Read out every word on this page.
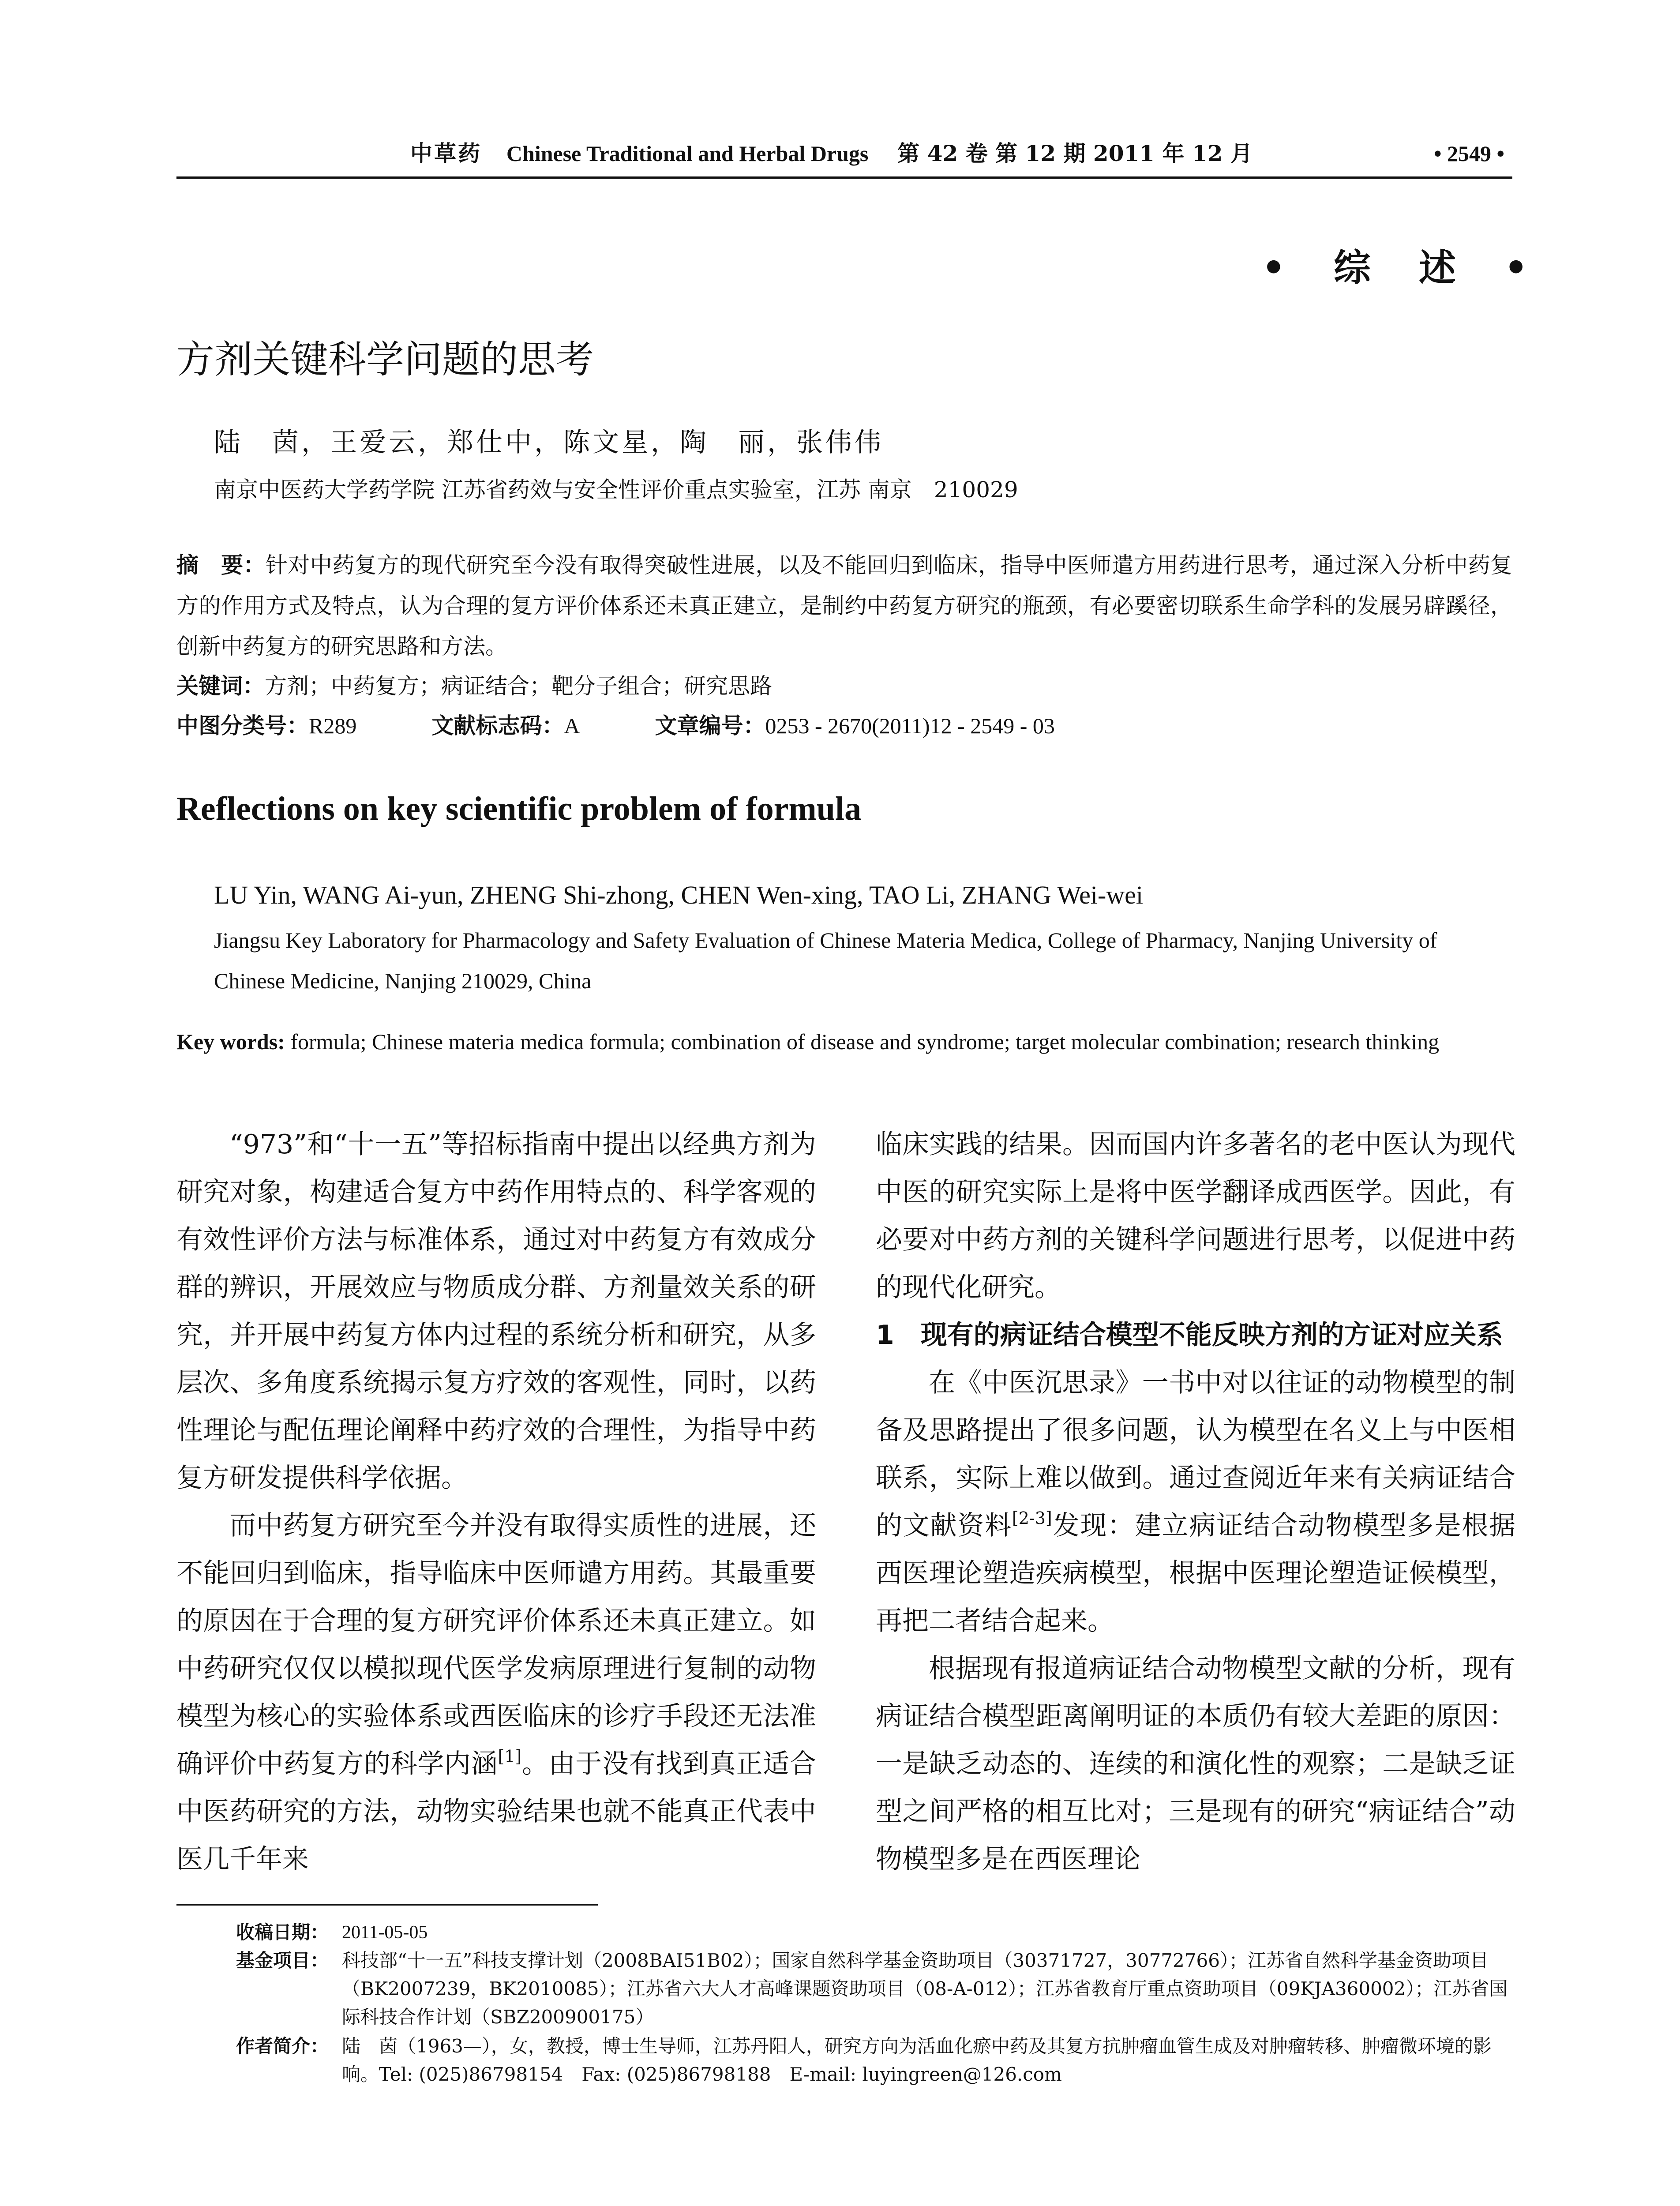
中草药 Chinese Traditional and Herbal Drugs 第 42 卷 第 12 期 2011 年 12 月	• 2549 •
• 综 述 •
方剂关键科学问题的思考
陆　茵，王爱云，郑仕中，陈文星，陶　丽，张伟伟
南京中医药大学药学院 江苏省药效与安全性评价重点实验室，江苏 南京　210029
摘　要：针对中药复方的现代研究至今没有取得突破性进展，以及不能回归到临床，指导中医师遣方用药进行思考，通过深入分析中药复方的作用方式及特点，认为合理的复方评价体系还未真正建立，是制约中药复方研究的瓶颈，有必要密切联系生命学科的发展另辟蹊径，创新中药复方的研究思路和方法。
关键词：方剂；中药复方；病证结合；靶分子组合；研究思路
中图分类号：R289	文献标志码：A	文章编号：0253 - 2670(2011)12 - 2549 - 03
Reflections on key scientific problem of formula
LU Yin, WANG Ai-yun, ZHENG Shi-zhong, CHEN Wen-xing, TAO Li, ZHANG Wei-wei
Jiangsu Key Laboratory for Pharmacology and Safety Evaluation of Chinese Materia Medica, College of Pharmacy, Nanjing University of Chinese Medicine, Nanjing 210029, China
Key words: formula; Chinese materia medica formula; combination of disease and syndrome; target molecular combination; research thinking

“973”和“十一五”等招标指南中提出以经典方剂为研究对象，构建适合复方中药作用特点的、科学客观的有效性评价方法与标准体系，通过对中药复方有效成分群的辨识，开展效应与物质成分群、方剂量效关系的研究，并开展中药复方体内过程的系统分析和研究，从多层次、多角度系统揭示复方疗效的客观性，同时，以药性理论与配伍理论阐释中药疗效的合理性，为指导中药复方研发提供科学依据。

而中药复方研究至今并没有取得实质性的进展，还不能回归到临床，指导临床中医师谴方用药。其最重要的原因在于合理的复方研究评价体系还未真正建立。如中药研究仅仅以模拟现代医学发病原理进行复制的动物模型为核心的实验体系或西医临床的诊疗手段还无法准确评价中药复方的科学内涵[1]。由于没有找到真正适合中医药研究的方法，动物实验结果也就不能真正代表中医几千年来

临床实践的结果。因而国内许多著名的老中医认为现代中医的研究实际上是将中医学翻译成西医学。因此，有必要对中药方剂的关键科学问题进行思考，以促进中药的现代化研究。

1　现有的病证结合模型不能反映方剂的方证对应关系

在《中医沉思录》一书中对以往证的动物模型的制备及思路提出了很多问题，认为模型在名义上与中医相联系，实际上难以做到。通过查阅近年来有关病证结合的文献资料[2-3]发现：建立病证结合动物模型多是根据西医理论塑造疾病模型，根据中医理论塑造证候模型，再把二者结合起来。

根据现有报道病证结合动物模型文献的分析，现有病证结合模型距离阐明证的本质仍有较大差距的原因：一是缺乏动态的、连续的和演化性的观察；二是缺乏证型之间严格的相互比对；三是现有的研究“病证结合”动物模型多是在西医理论

收稿日期： 2011-05-05
基金项目： 科技部“十一五”科技支撑计划（2008BAI51B02）；国家自然科学基金资助项目（30371727，30772766）；江苏省自然科学基金资助项目（BK2007239，BK2010085）；江苏省六大人才高峰课题资助项目（08-A-012）；江苏省教育厅重点资助项目（09KJA360002）；江苏省国际科技合作计划（SBZ200900175）
作者简介： 陆　茵（1963—），女，教授，博士生导师，江苏丹阳人，研究方向为活血化瘀中药及其复方抗肿瘤血管生成及对肿瘤转移、肿瘤微环境的影响。Tel: (025)86798154　Fax: (025)86798188　E-mail: luyingreen@126.com
